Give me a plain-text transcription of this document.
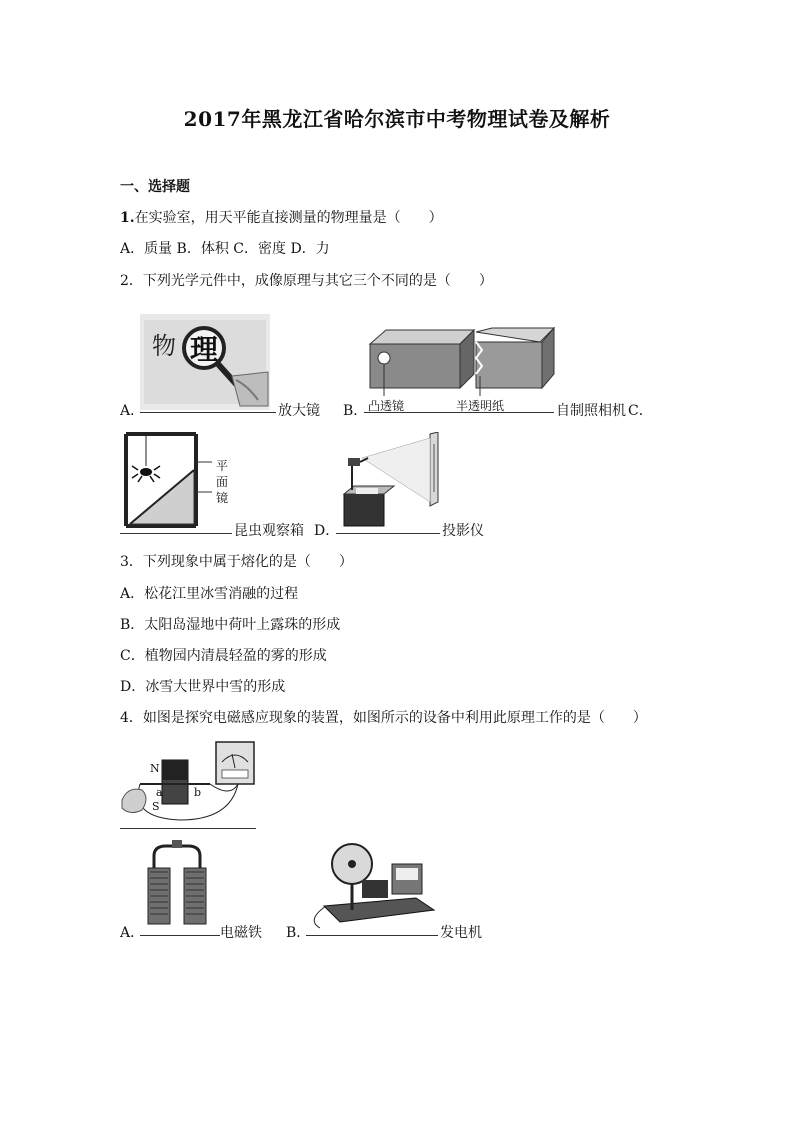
2017年黑龙江省哈尔滨市中考物理试卷及解析
一、选择题
1.在实验室，用天平能直接测量的物理量是（　　）
A．质量 B．体积 C．密度 D．力
2．下列光学元件中，成像原理与其它三个不同的是（　　）
物 理
A．	放大镜	凸透镜	半透明纸
B．	自制照相机 C．
平
面
镜
昆虫观察箱 D．	投影仪
3．下列现象中属于熔化的是（　　）
A．松花江里冰雪消融的过程
B．太阳岛湿地中荷叶上露珠的形成
C．植物园内清晨轻盈的雾的形成
D．冰雪大世界中雪的形成
4．如图是探究电磁感应现象的装置，如图所示的设备中利用此原理工作的是（　　）
N
a	b
S
A．	电磁铁 B．	发电机
